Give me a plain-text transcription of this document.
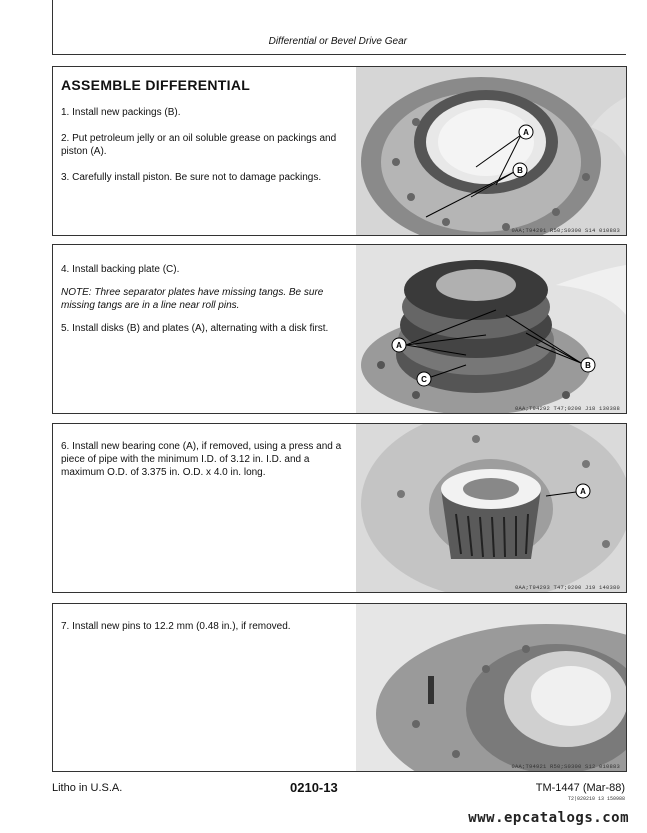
Differential or Bevel Drive Gear

ASSEMBLE DIFFERENTIAL

1. Install new packings (B).

2. Put petroleum jelly or an oil soluble grease on packings and piston (A).

3. Carefully install piston. Be sure not to damage packings.

A
B
0AA;T94291 R50;S0300 S14 010883

4. Install backing plate (C).

NOTE: Three separator plates have missing tangs. Be sure missing tangs are in a line near roll pins.

5. Install disks (B) and plates (A), alternating with a disk first.

A
C
B
0AA;T94292 T47;0200 J18 130388

6. Install new bearing cone (A), if removed, using a press and a piece of pipe with the minimum I.D. of 3.12 in. I.D. and a maximum O.D. of 3.375 in. O.D. x 4.0 in. long.

A
0AA;T94293 T47;0200 J19 140380

7. Install new pins to 12.2 mm (0.48 in.), if removed.

0AA;T94921 R50;S0300 S12 010883
Litho in U.S.A.	0210-13	TM-1447 (Mar-88)
T2|020210 13 150988
www.epcatalogs.com
